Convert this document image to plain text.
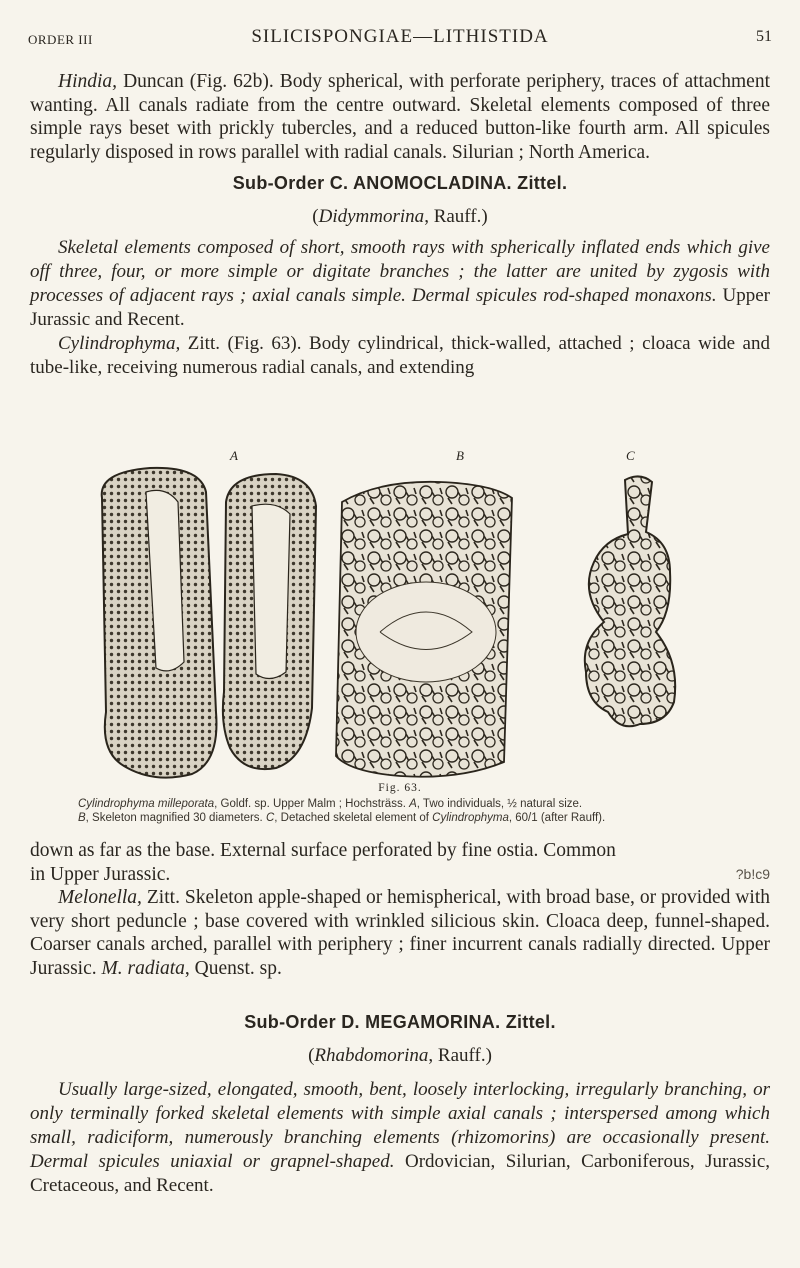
ORDER III	SILICISPONGIAE—LITHISTIDA	51

Hindia, Duncan (Fig. 62b). Body spherical, with perforate periphery, traces of attachment wanting. All canals radiate from the centre outward. Skeletal elements composed of three simple rays beset with prickly tubercles, and a reduced button-like fourth arm. All spicules regularly disposed in rows parallel with radial canals. Silurian ; North America.

Sub-Order C. ANOMOCLADINA. Zittel.
(Didymmorina, Rauff.)
Skeletal elements composed of short, smooth rays with spherically inflated ends which give off three, four, or more simple or digitate branches ; the latter are united by zygosis with processes of adjacent rays ; axial canals simple. Dermal spicules rod-shaped monaxons. Upper Jurassic and Recent.
Cylindrophyma, Zitt. (Fig. 63). Body cylindrical, thick-walled, attached ; cloaca wide and tube-like, receiving numerous radial canals, and extending
A	B	C
Fig. 63.
Cylindrophyma milleporata, Goldf. sp. Upper Malm ; Hochsträss. A, Two individuals, ½ natural size.
B, Skeleton magnified 30 diameters. C, Detached skeletal element of Cylindrophyma, 60/1 (after Rauff).
down as far as the base. External surface perforated by fine ostia. Common
in Upper Jurassic.	?b!c9
Melonella, Zitt. Skeleton apple-shaped or hemispherical, with broad base, or provided with very short peduncle ; base covered with wrinkled silicious skin. Cloaca deep, funnel-shaped. Coarser canals arched, parallel with periphery ; finer incurrent canals radially directed. Upper Jurassic. M. radiata, Quenst. sp.
Sub-Order D. MEGAMORINA. Zittel.
(Rhabdomorina, Rauff.)
Usually large-sized, elongated, smooth, bent, loosely interlocking, irregularly branching, or only terminally forked skeletal elements with simple axial canals ; interspersed among which small, radiciform, numerously branching elements (rhizomorins) are occasionally present. Dermal spicules uniaxial or grapnel-shaped. Ordovician, Silurian, Carboniferous, Jurassic, Cretaceous, and Recent.
